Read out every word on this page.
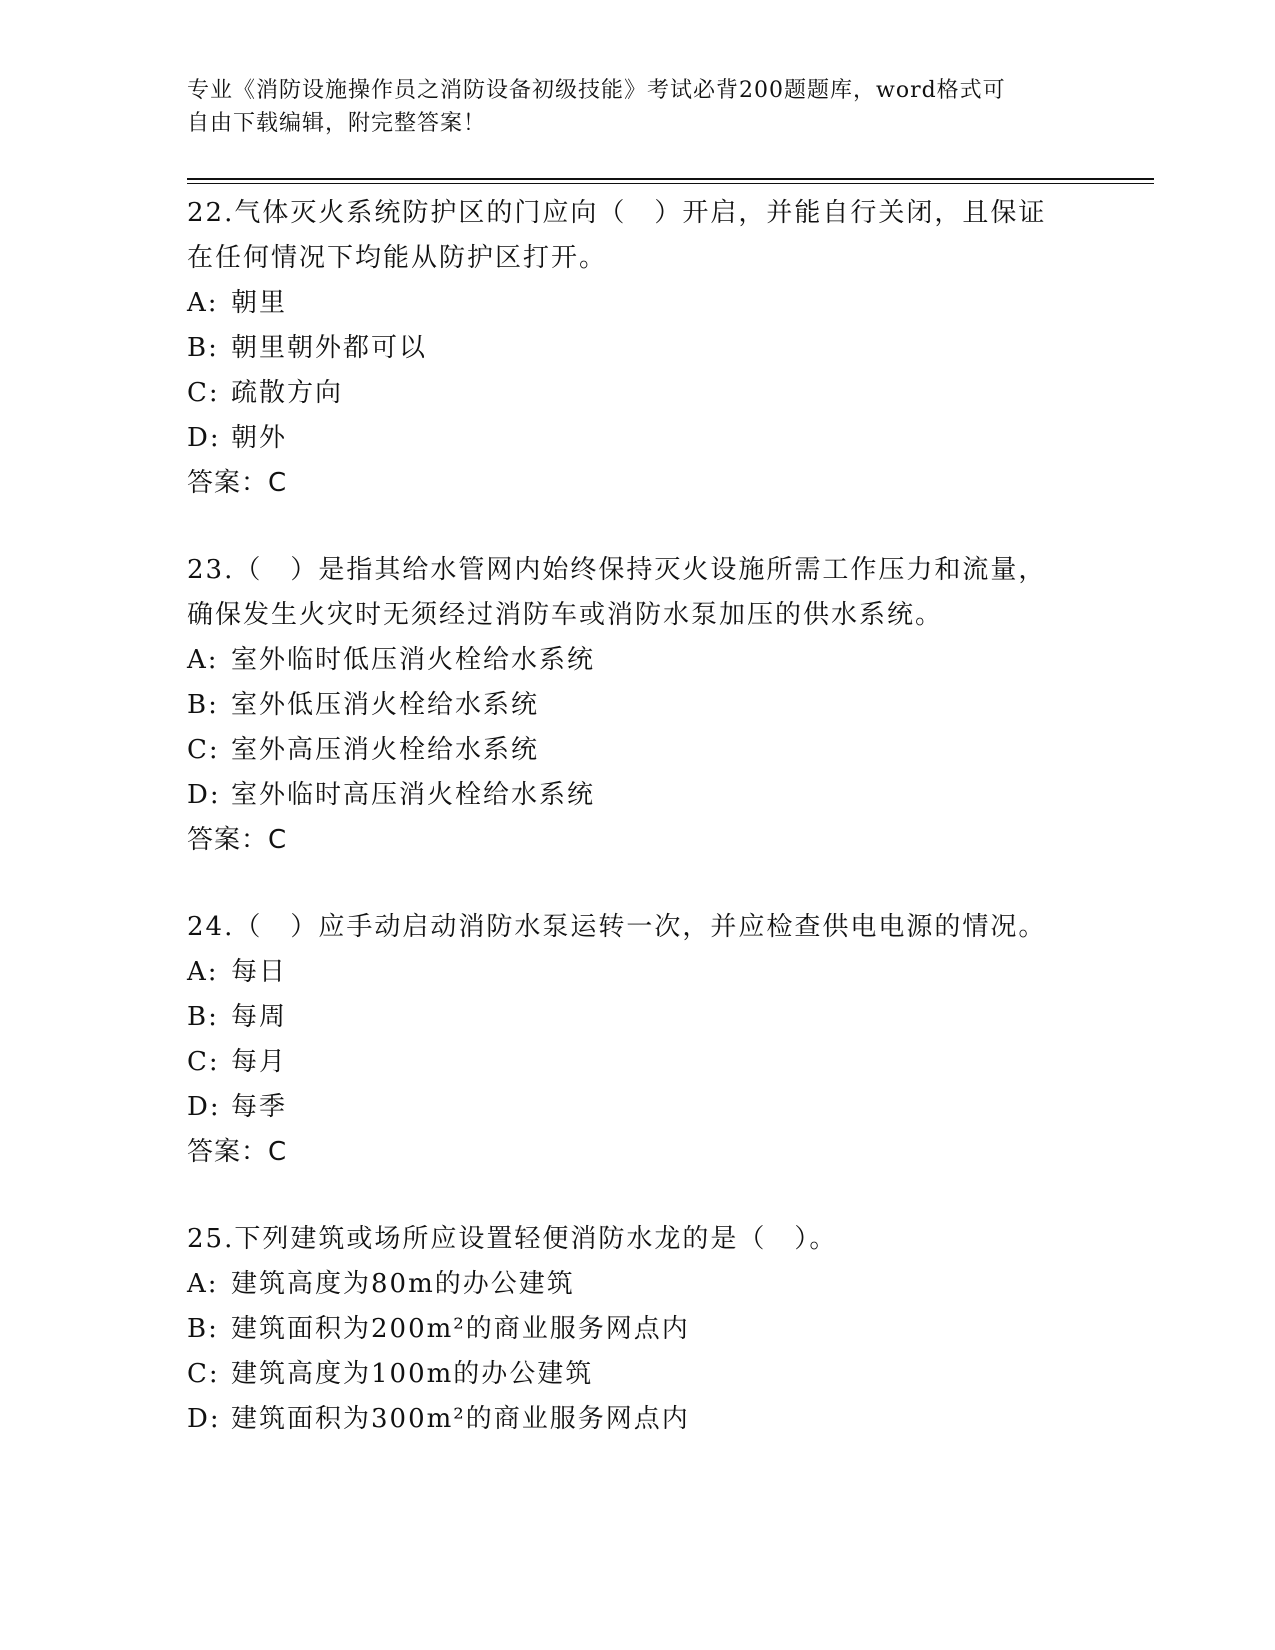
专业《消防设施操作员之消防设备初级技能》考试必背200题题库，word格式可
自由下载编辑，附完整答案！
22.气体灭火系统防护区的门应向（　）开启，并能自行关闭，且保证
在任何情况下均能从防护区打开。
A: 朝里
B: 朝里朝外都可以
C: 疏散方向
D: 朝外
答案：C
23.（　）是指其给水管网内始终保持灭火设施所需工作压力和流量，
确保发生火灾时无须经过消防车或消防水泵加压的供水系统。
A: 室外临时低压消火栓给水系统
B: 室外低压消火栓给水系统
C: 室外高压消火栓给水系统
D: 室外临时高压消火栓给水系统
答案：C
24.（　）应手动启动消防水泵运转一次，并应检查供电电源的情况。
A: 每日
B: 每周
C: 每月
D: 每季
答案：C
25.下列建筑或场所应设置轻便消防水龙的是（　）。
A: 建筑高度为80m的办公建筑
B: 建筑面积为200m²的商业服务网点内
C: 建筑高度为100m的办公建筑
D: 建筑面积为300m²的商业服务网点内
